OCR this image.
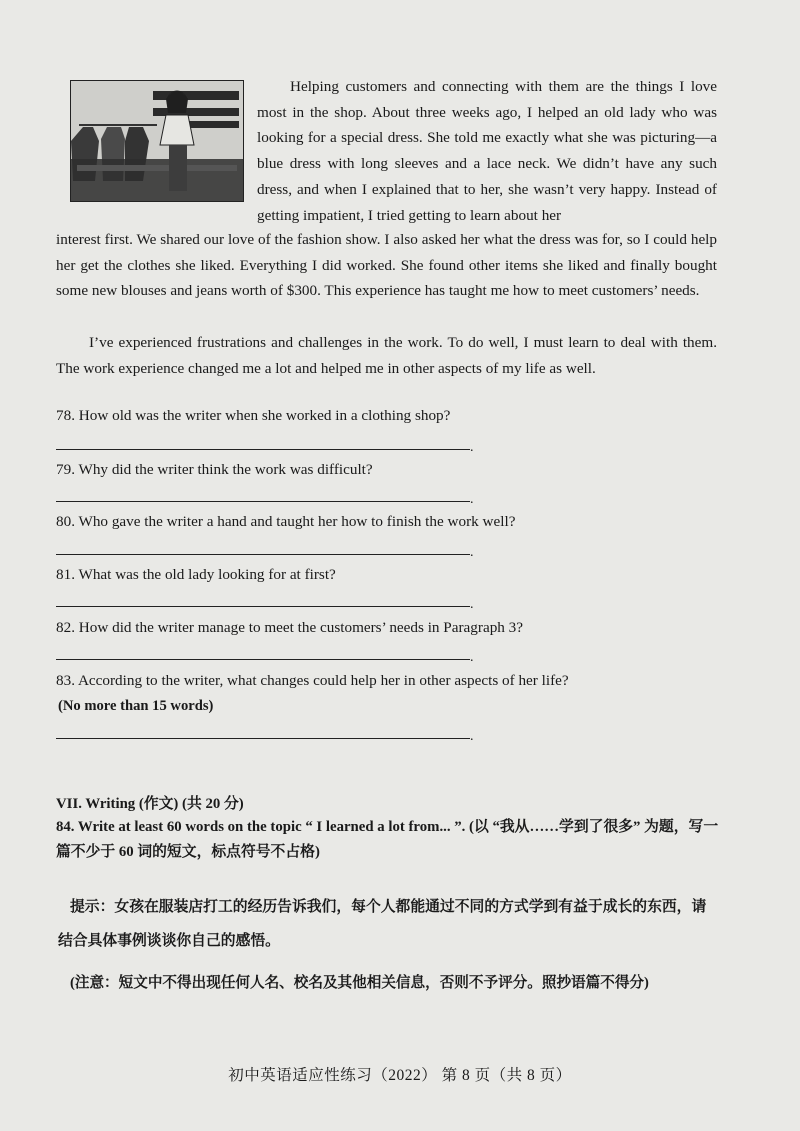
Helping customers and connecting with them are the things I love most in the shop. About three weeks ago, I helped an old lady who was looking for a special dress. She told me exactly what she was picturing—a blue dress with long sleeves and a lace neck. We didn’t have any such dress, and when I explained that to her, she wasn’t very happy. Instead of getting impatient, I tried getting to learn about her
interest first. We shared our love of the fashion show. I also asked her what the dress was for, so I could help her get the clothes she liked. Everything I did worked. She found other items she liked and finally bought some new blouses and jeans worth of $300. This experience has taught me how to meet customers’ needs.
I’ve experienced frustrations and challenges in the work. To do well, I must learn to deal with them. The work experience changed me a lot and helped me in other aspects of my life as well.
78. How old was the writer when she worked in a clothing shop?
.
79. Why did the writer think the work was difficult?
.
80. Who gave the writer a hand and taught her how to finish the work well?
.
81. What was the old lady looking for at first?
.
82. How did the writer manage to meet the customers’ needs in Paragraph 3?
.
83. According to the writer, what changes could help her in other aspects of her life?
(No more than 15 words)
.
VII. Writing (作文) (共 20 分)
84. Write at least 60 words on the topic “ I learned a lot from... ”. (以 “我从……学到了很多” 为题，写一篇不少于 60 词的短文，标点符号不占格)
提示：女孩在服装店打工的经历告诉我们，每个人都能通过不同的方式学到有益于成长的东西，请结合具体事例谈谈你自己的感悟。
(注意：短文中不得出现任何人名、校名及其他相关信息，否则不予评分。照抄语篇不得分)
初中英语适应性练习（2022） 第 8 页（共 8 页）
